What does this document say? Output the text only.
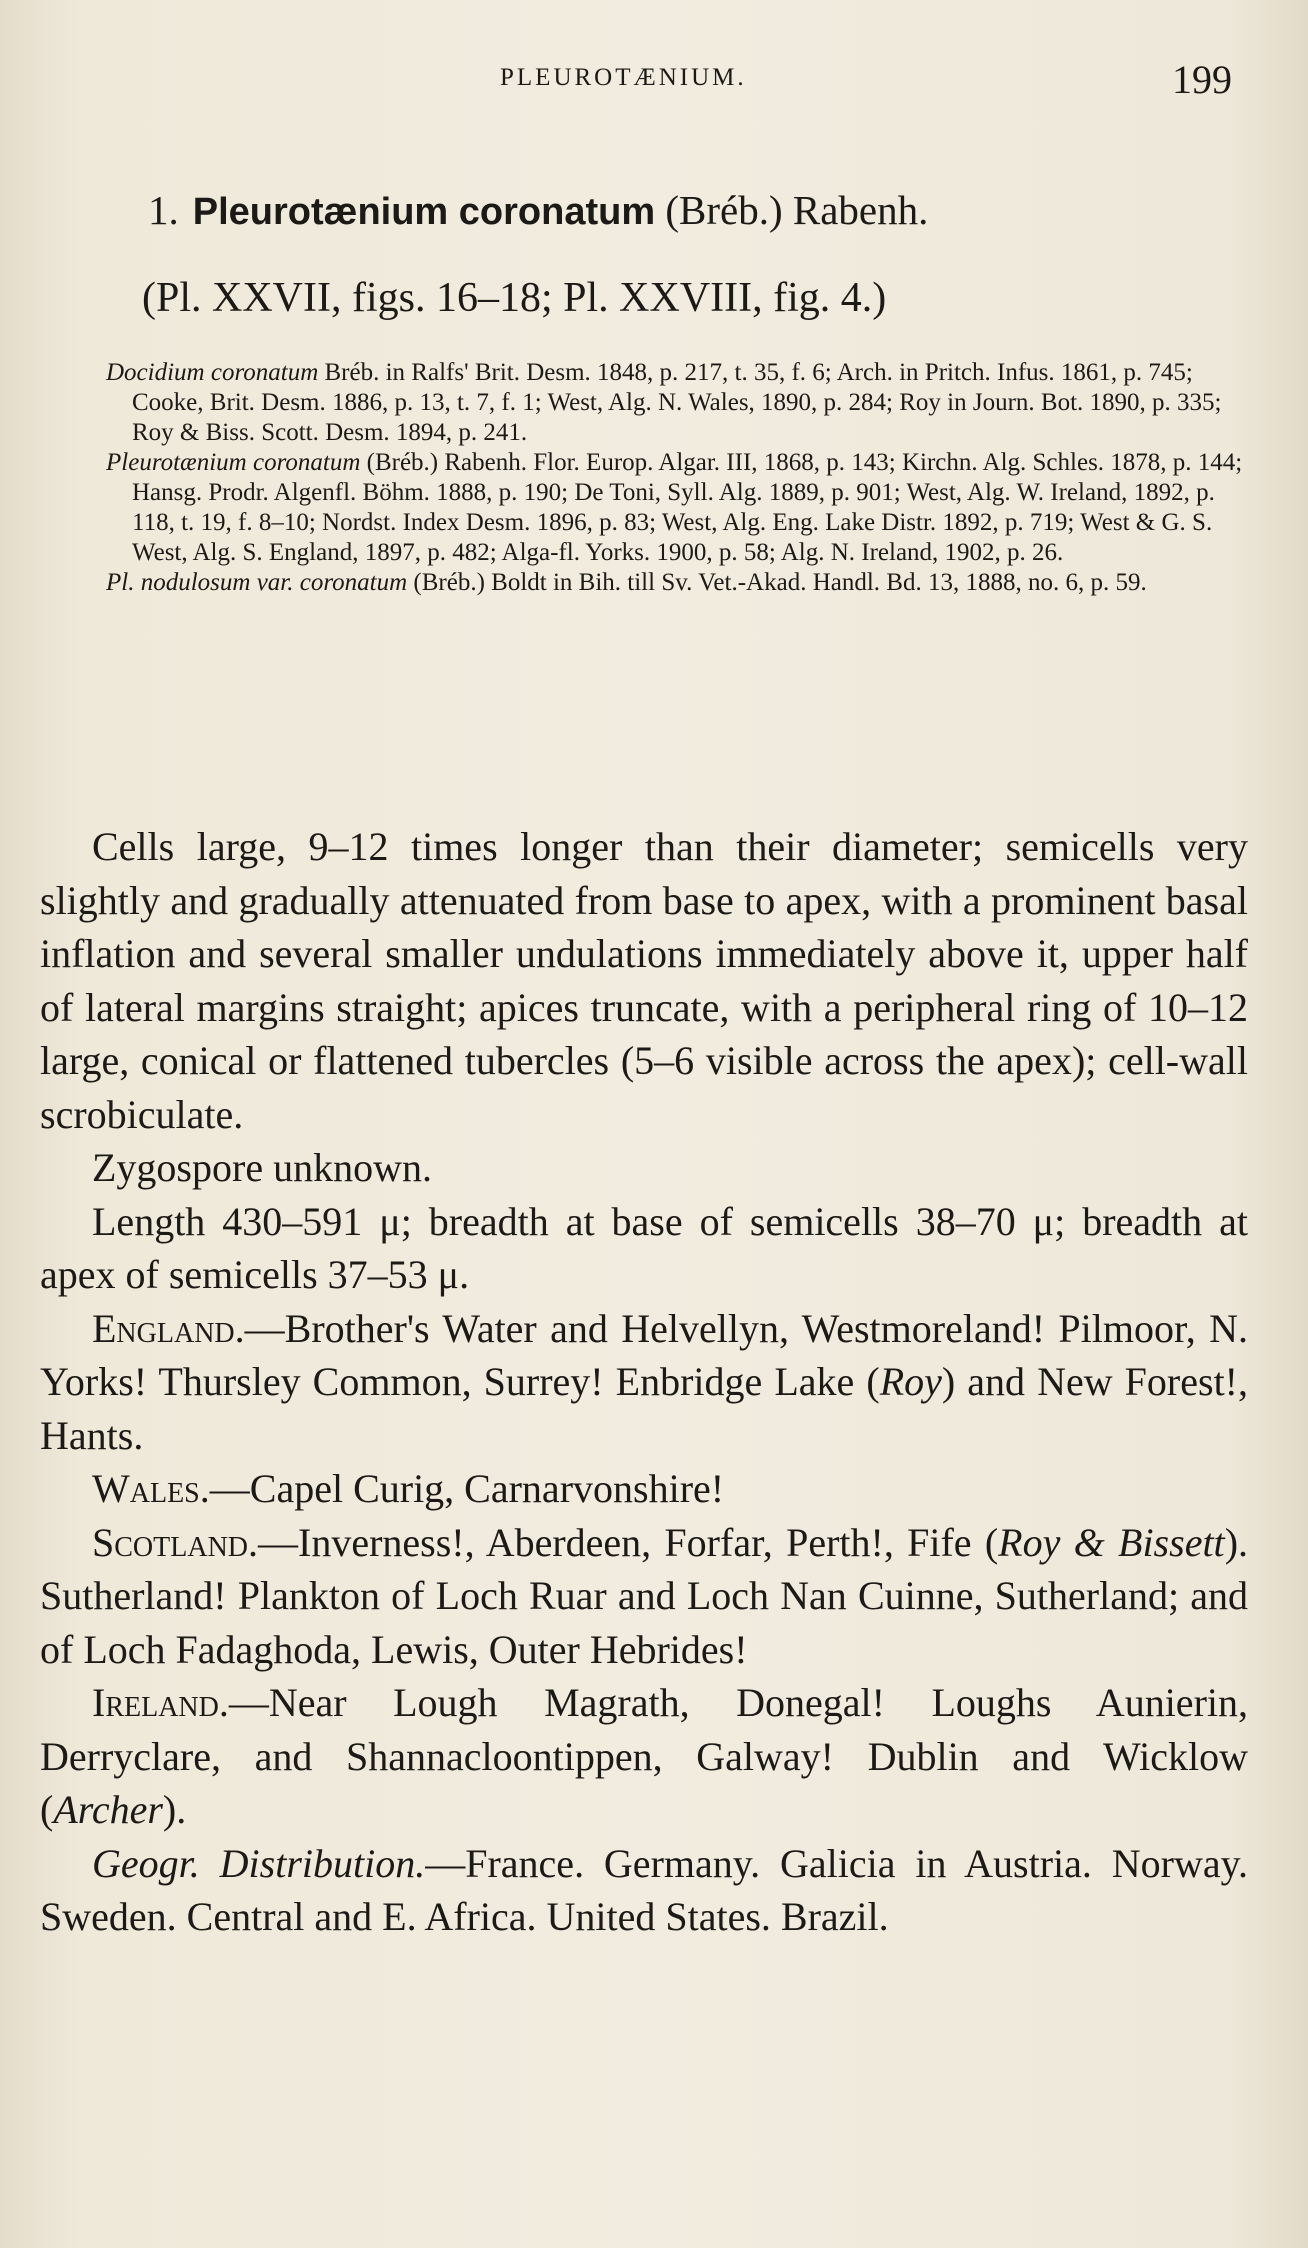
PLEUROTÆNIUM.	199
1. Pleurotænium coronatum (Bréb.) Rabenh.
(Pl. XXVII, figs. 16–18; Pl. XXVIII, fig. 4.)

Docidium coronatum Bréb. in Ralfs' Brit. Desm. 1848, p. 217, t. 35, f. 6; Arch. in Pritch. Infus. 1861, p. 745; Cooke, Brit. Desm. 1886, p. 13, t. 7, f. 1; West, Alg. N. Wales, 1890, p. 284; Roy in Journ. Bot. 1890, p. 335; Roy & Biss. Scott. Desm. 1894, p. 241.

Pleurotænium coronatum (Bréb.) Rabenh. Flor. Europ. Algar. III, 1868, p. 143; Kirchn. Alg. Schles. 1878, p. 144; Hansg. Prodr. Algenfl. Böhm. 1888, p. 190; De Toni, Syll. Alg. 1889, p. 901; West, Alg. W. Ireland, 1892, p. 118, t. 19, f. 8–10; Nordst. Index Desm. 1896, p. 83; West, Alg. Eng. Lake Distr. 1892, p. 719; West & G. S. West, Alg. S. England, 1897, p. 482; Alga-fl. Yorks. 1900, p. 58; Alg. N. Ireland, 1902, p. 26.

Pl. nodulosum var. coronatum (Bréb.) Boldt in Bih. till Sv. Vet.-Akad. Handl. Bd. 13, 1888, no. 6, p. 59.

Cells large, 9–12 times longer than their diameter; semicells very slightly and gradually attenuated from base to apex, with a prominent basal inflation and several smaller undulations immediately above it, upper half of lateral margins straight; apices truncate, with a peripheral ring of 10–12 large, conical or flattened tubercles (5–6 visible across the apex); cell-wall scrobiculate.

Zygospore unknown.

Length 430–591 μ; breadth at base of semicells 38–70 μ; breadth at apex of semicells 37–53 μ.

England.—Brother's Water and Helvellyn, Westmoreland! Pilmoor, N. Yorks! Thursley Common, Surrey! Enbridge Lake (Roy) and New Forest!, Hants.

Wales.—Capel Curig, Carnarvonshire!

Scotland.—Inverness!, Aberdeen, Forfar, Perth!, Fife (Roy & Bissett). Sutherland! Plankton of Loch Ruar and Loch Nan Cuinne, Sutherland; and of Loch Fadaghoda, Lewis, Outer Hebrides!

Ireland.—Near Lough Magrath, Donegal! Loughs Aunierin, Derryclare, and Shannacloontippen, Galway! Dublin and Wicklow (Archer).

Geogr. Distribution.—France. Germany. Galicia in Austria. Norway. Sweden. Central and E. Africa. United States. Brazil.
